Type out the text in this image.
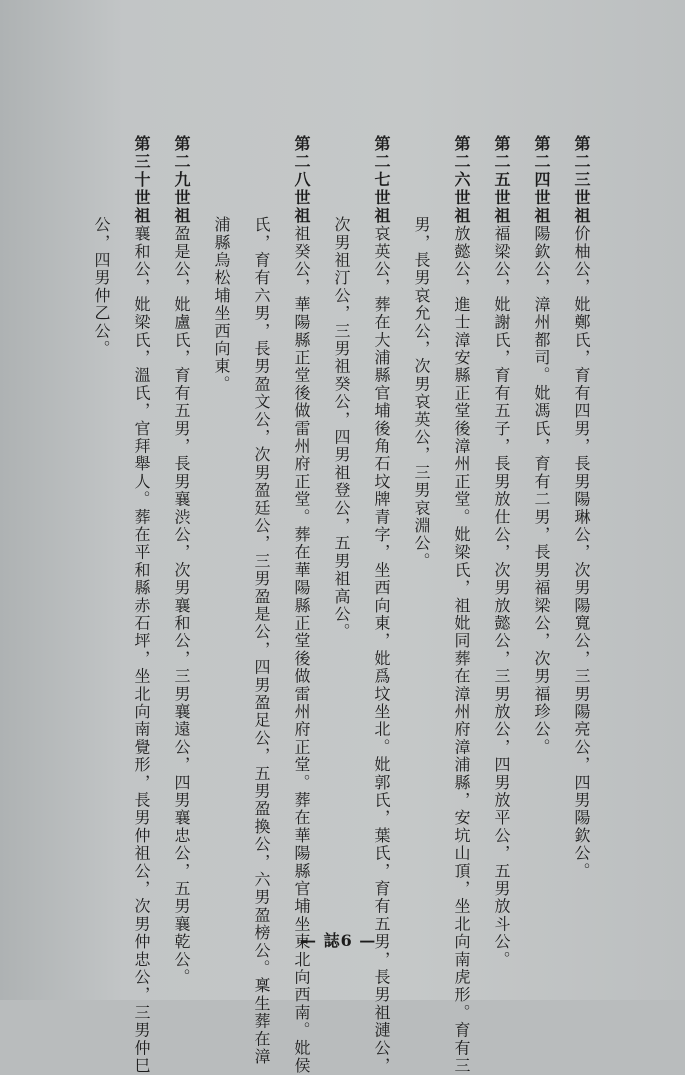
第二三世祖价柚公，妣鄭氏，育有四男，長男陽琳公，次男陽寬公，三男陽亮公，四男陽欽公。
第二四世祖陽欽公，漳州都司。妣馮氏，育有二男，長男福梁公，次男福珍公。
第二五世祖福梁公，妣謝氏，育有五子，長男放仕公，次男放懿公，三男放公，四男放平公，五男放斗公。
第二六世祖放懿公，進士漳安縣正堂後漳州正堂。妣梁氏，祖妣同葬在漳州府漳浦縣，安坑山頂，坐北向南虎形。育有三
男，長男哀允公，次男哀英公，三男哀淵公。
第二七世祖哀英公，葬在大浦縣官埔後角石坟牌青字，坐西向東，妣爲坟坐北。妣郭氏，葉氏，育有五男，長男祖漣公，
次男祖汀公，三男祖癸公，四男祖登公，五男祖高公。
第二八世祖祖癸公，華陽縣正堂後做雷州府正堂。葬在華陽縣正堂後做雷州府正堂。葬在華陽縣官埔坐東北向西南。妣侯
氏，育有六男，長男盈文公，次男盈廷公，三男盈是公，四男盈足公，五男盈換公，六男盈榜公。稟生葬在漳
浦縣烏松埔坐西向東。
第二九世祖盈是公，妣盧氏，育有五男，長男襄渋公，次男襄和公，三男襄遠公，四男襄忠公，五男襄乾公。
第三十世祖襄和公，妣梁氏，溫氏，官拜舉人。葬在平和縣赤石坪，坐北向南覺形，長男仲祖公，次男仲忠公，三男仲巳
公，四男仲乙公。
— 誌6 —
